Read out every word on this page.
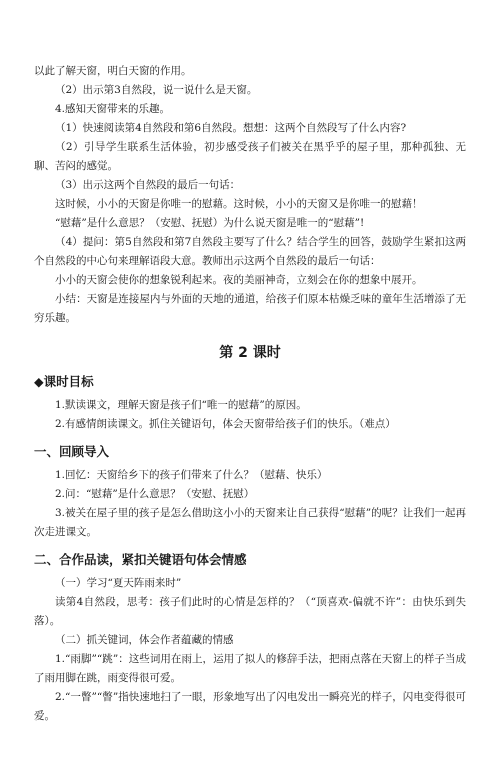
以此了解天窗，明白天窗的作用。

（2）出示第3自然段，说一说什么是天窗。

4.感知天窗带来的乐趣。

（1）快速阅读第4自然段和第6自然段。想想：这两个自然段写了什么内容?

（2）引导学生联系生活体验，初步感受孩子们被关在黑乎乎的屋子里，那种孤独、无聊、苦闷的感觉。

（3）出示这两个自然段的最后一句话：

这时候，小小的天窗是你唯一的慰藉。这时候，小小的天窗又是你唯一的慰藉！

“慰藉”是什么意思？（安慰、抚慰）为什么说天窗是唯一的“慰藉”!

（4）提问：第5自然段和第7自然段主要写了什么？结合学生的回答，鼓励学生紧扣这两个自然段的中心句来理解语段大意。教师出示这两个自然段的最后一句话：

小小的天窗会使你的想象锐利起来。夜的美丽神奇，立刻会在你的想象中展开。

小结：天窗是连接屋内与外面的天地的通道，给孩子们原本枯燥乏味的童年生活增添了无穷乐趣。

第 2 课时
◆课时目标

1.默读课文，理解天窗是孩子们“唯一的慰藉”的原因。

2.有感情朗读课文。抓住关键语句，体会天窗带给孩子们的快乐。（难点）

一、回顾导入

1.回忆：天窗给乡下的孩子们带来了什么？（慰藉、快乐）

2.问：“慰藉”是什么意思？（安慰、抚慰）

3.被关在屋子里的孩子是怎么借助这小小的天窗来让自己获得“慰藉”的呢？让我们一起再次走进课文。

二、合作品读，紧扣关键语句体会情感

（一）学习“夏天阵雨来时”

读第4自然段，思考：孩子们此时的心情是怎样的？（“顶喜欢-偏就不许”：由快乐到失落）。

（二）抓关键词，体会作者蕴藏的情感

1.“雨脚”“跳”：这些词用在雨上，运用了拟人的修辞手法，把雨点落在天窗上的样子当成了雨用脚在跳，雨变得很可爱。

2.“一瞥”“瞥”指快速地扫了一眼，形象地写出了闪电发出一瞬亮光的样子，闪电变得很可爱。
